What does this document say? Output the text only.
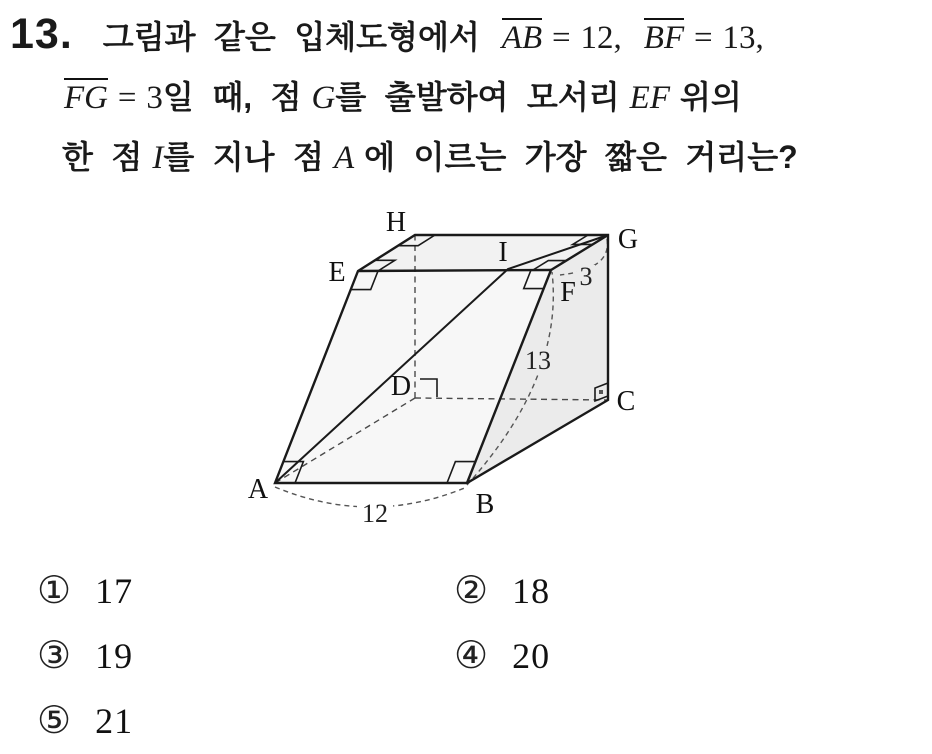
13. 그림과 같은 입체도형에서 AB = 12, BF = 13,
FG = 3일 때, 점 G를 출발하여 모서리 EF 위의
한 점 I를 지나 점 A 에 이르는 가장 짧은 거리는?
A	B
C
D
E
F
G
H
I
12
13
3
① 17	② 18
③ 19	④ 20
⑤ 21
